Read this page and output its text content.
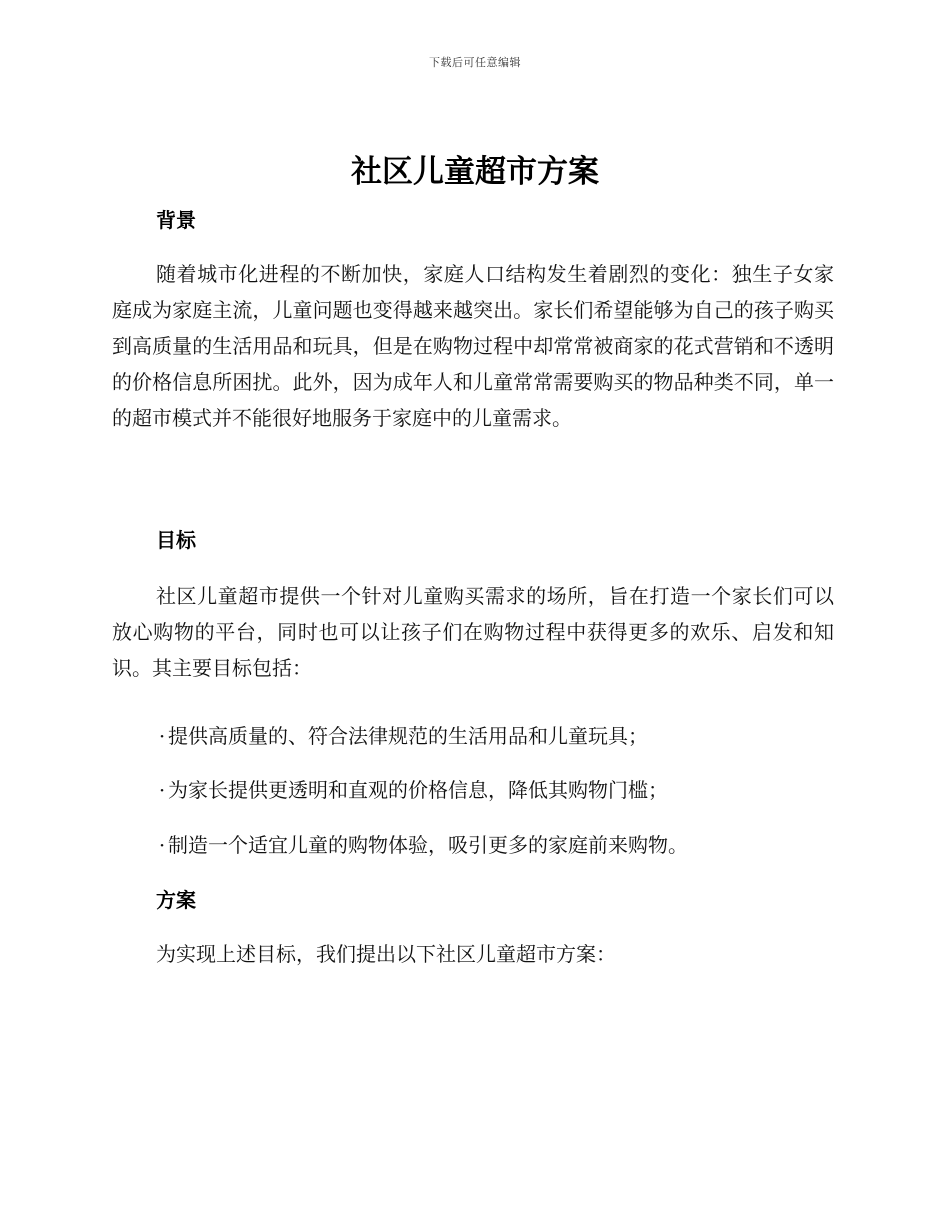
下载后可任意编辑
社区儿童超市方案
背景

随着城市化进程的不断加快，家庭人口结构发生着剧烈的变化：独生子女家庭成为家庭主流，儿童问题也变得越来越突出。家长们希望能够为自己的孩子购买到高质量的生活用品和玩具，但是在购物过程中却常常被商家的花式营销和不透明的价格信息所困扰。此外，因为成年人和儿童常常需要购买的物品种类不同，单一的超市模式并不能很好地服务于家庭中的儿童需求。

目标

社区儿童超市提供一个针对儿童购买需求的场所，旨在打造一个家长们可以放心购物的平台，同时也可以让孩子们在购物过程中获得更多的欢乐、启发和知识。其主要目标包括：

· 提供高质量的、符合法律规范的生活用品和儿童玩具；
· 为家长提供更透明和直观的价格信息，降低其购物门槛；
· 制造一个适宜儿童的购物体验，吸引更多的家庭前来购物。
方案

为实现上述目标，我们提出以下社区儿童超市方案：
